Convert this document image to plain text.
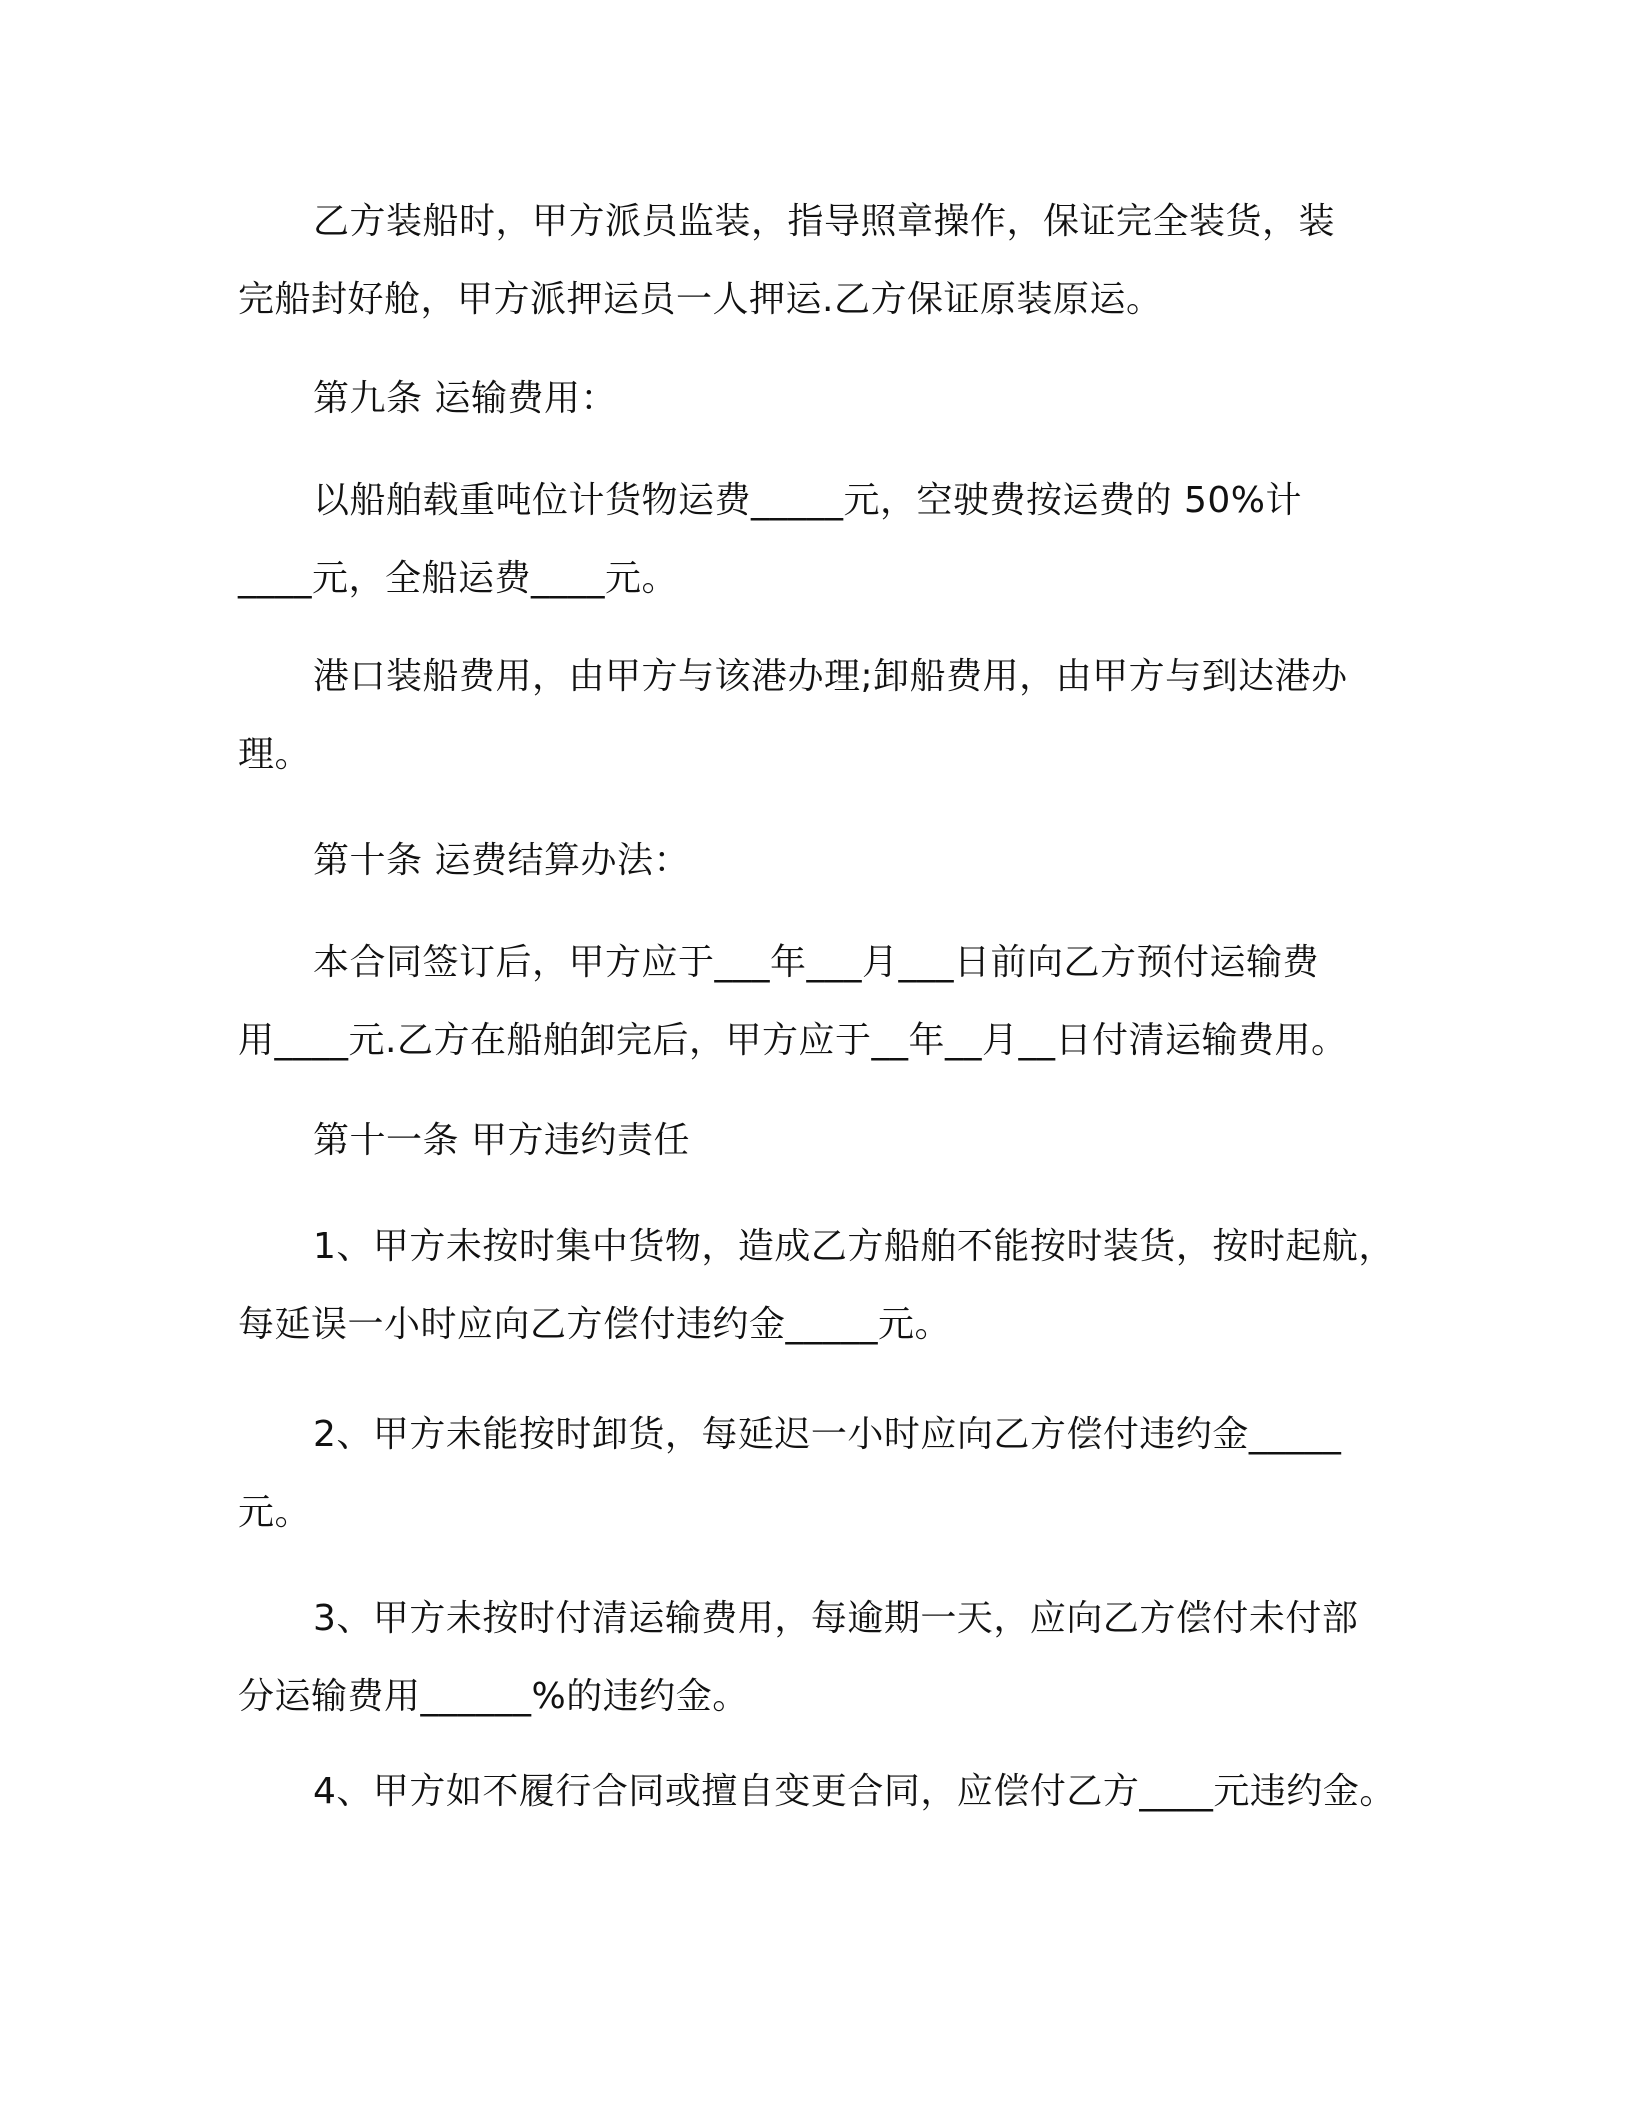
乙方装船时，甲方派员监装，指导照章操作，保证完全装货，装
完船封好舱，甲方派押运员一人押运.乙方保证原装原运。

第九条 运输费用：

以船舶载重吨位计货物运费_____元，空驶费按运费的 50%计
____元，全船运费____元。

港口装船费用，由甲方与该港办理;卸船费用，由甲方与到达港办
理。

第十条 运费结算办法：

本合同签订后，甲方应于___年___月___日前向乙方预付运输费
用____元.乙方在船舶卸完后，甲方应于__年__月__日付清运输费用。

第十一条 甲方违约责任

1、甲方未按时集中货物，造成乙方船舶不能按时装货，按时起航，
每延误一小时应向乙方偿付违约金_____元。

2、甲方未能按时卸货，每延迟一小时应向乙方偿付违约金_____
元。

3、甲方未按时付清运输费用，每逾期一天，应向乙方偿付未付部
分运输费用______%的违约金。

4、甲方如不履行合同或擅自变更合同，应偿付乙方____元违约金。
